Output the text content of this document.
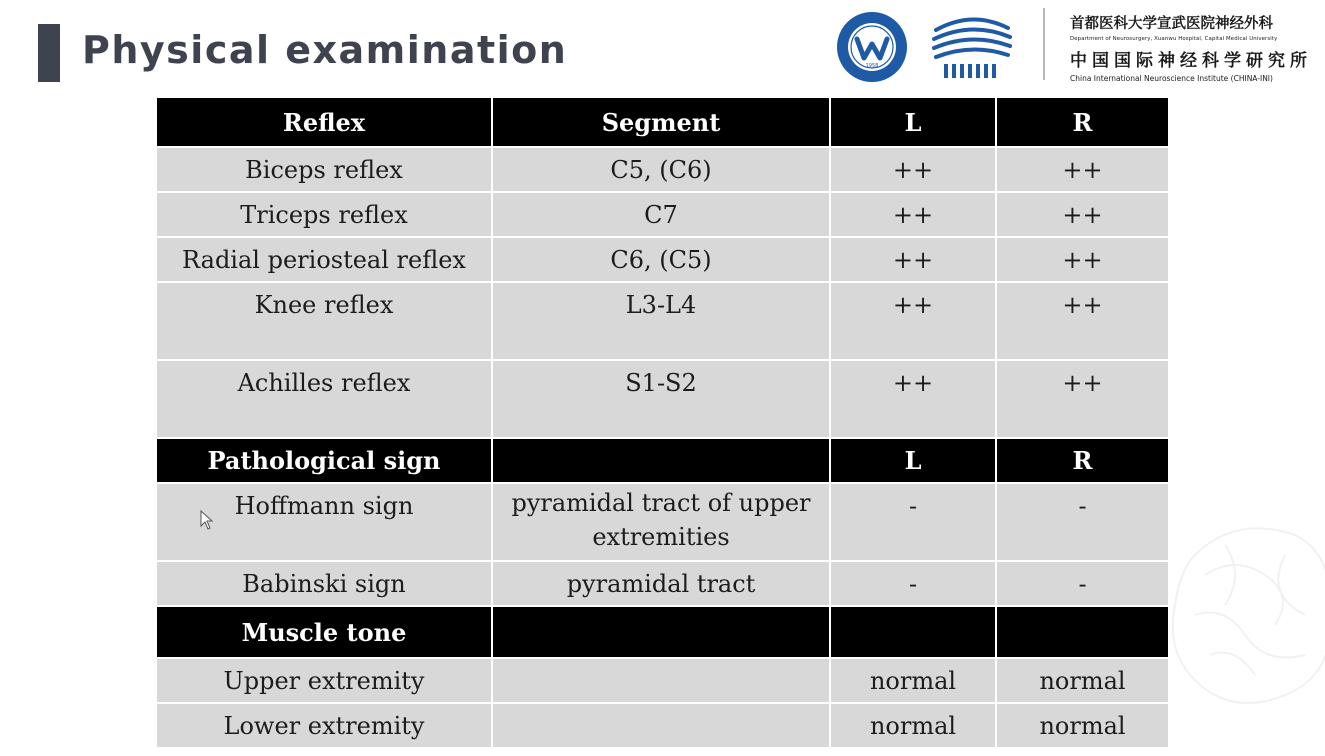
Physical examination	1958
首都医科大学宣武医院神经外科
Department of Neurosurgery, Xuanwu Hospital, Capital Medical University
中国国际神经科学研究所
China International Neuroscience Institute (CHINA-INI)
Reflex	Segment	L	R
Biceps reflex	C5, (C6)	++	++
Triceps reflex	C7	++	++
Radial periosteal reflex	C6, (C5)	++	++
Knee reflex	L3-L4	++	++
Achilles reflex	S1-S2	++	++
Pathological sign		L	R
Hoffmann sign	pyramidal tract of upper extremities	-	-
Babinski sign	pyramidal tract	-	-
Muscle tone			
Upper extremity		normal	normal
Lower extremity		normal	normal
